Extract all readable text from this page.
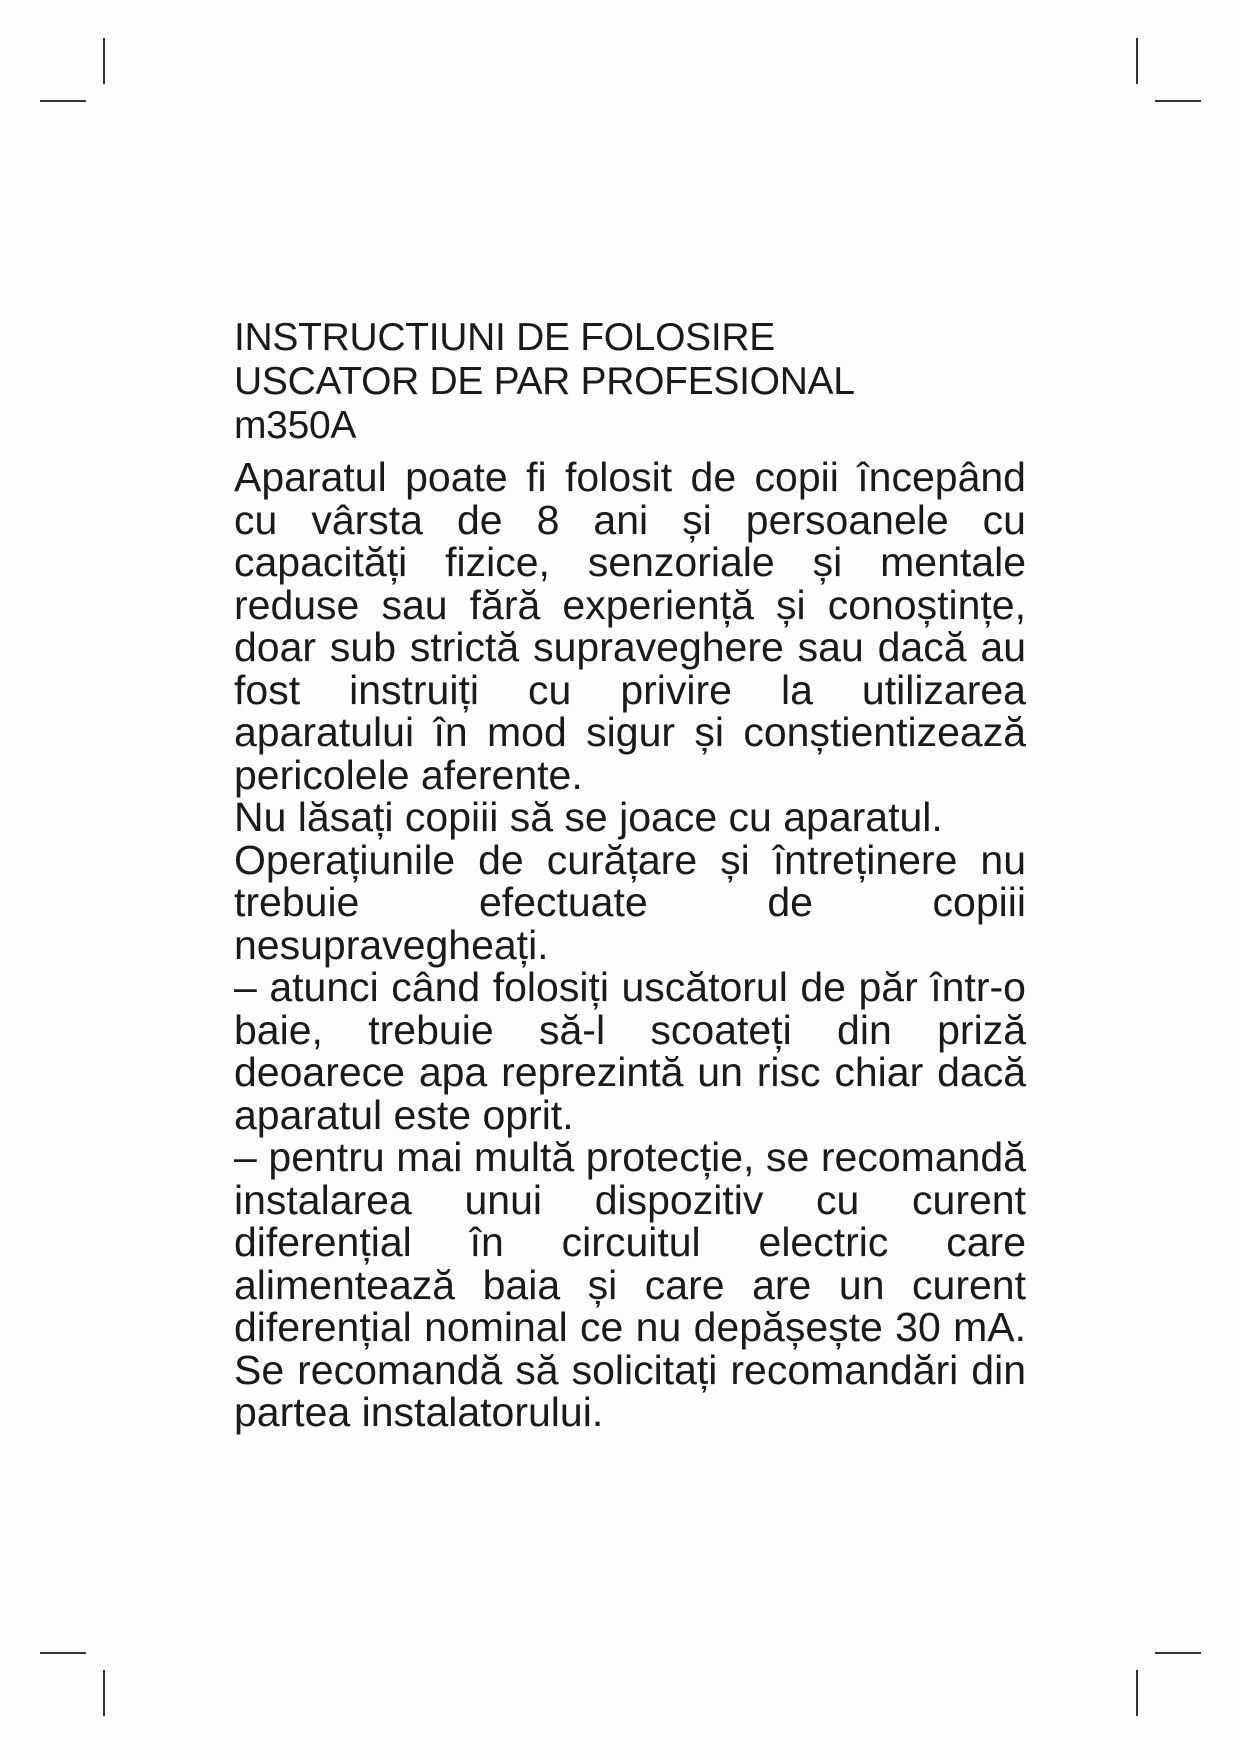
INSTRUCTIUNI DE FOLOSIRE
USCATOR DE PAR PROFESIONAL
m350A

Aparatul poate fi folosit de copii începând cu vârsta de 8 ani și persoanele cu capacități fizice, senzoriale și mentale reduse sau fără experiență și conoștințe, doar sub strictă supraveghere sau dacă au fost instruiți cu privire la utilizarea aparatului în mod sigur și conștientizează pericolele aferente.

Nu lăsați copiii să se joace cu aparatul.

Operațiunile de curățare și întreținere nu trebuie efectuate de copiii nesupravegheați.

– atunci când folosiți uscătorul de păr într-o baie, trebuie să-l scoateți din priză deoarece apa reprezintă un risc chiar dacă aparatul este oprit.

– pentru mai multă protecție, se recomandă instalarea unui dispozitiv cu curent diferențial în circuitul electric care alimentează baia și care are un curent diferențial nominal ce nu depășește 30 mA. Se recomandă să solicitați recomandări din partea instalatorului.
